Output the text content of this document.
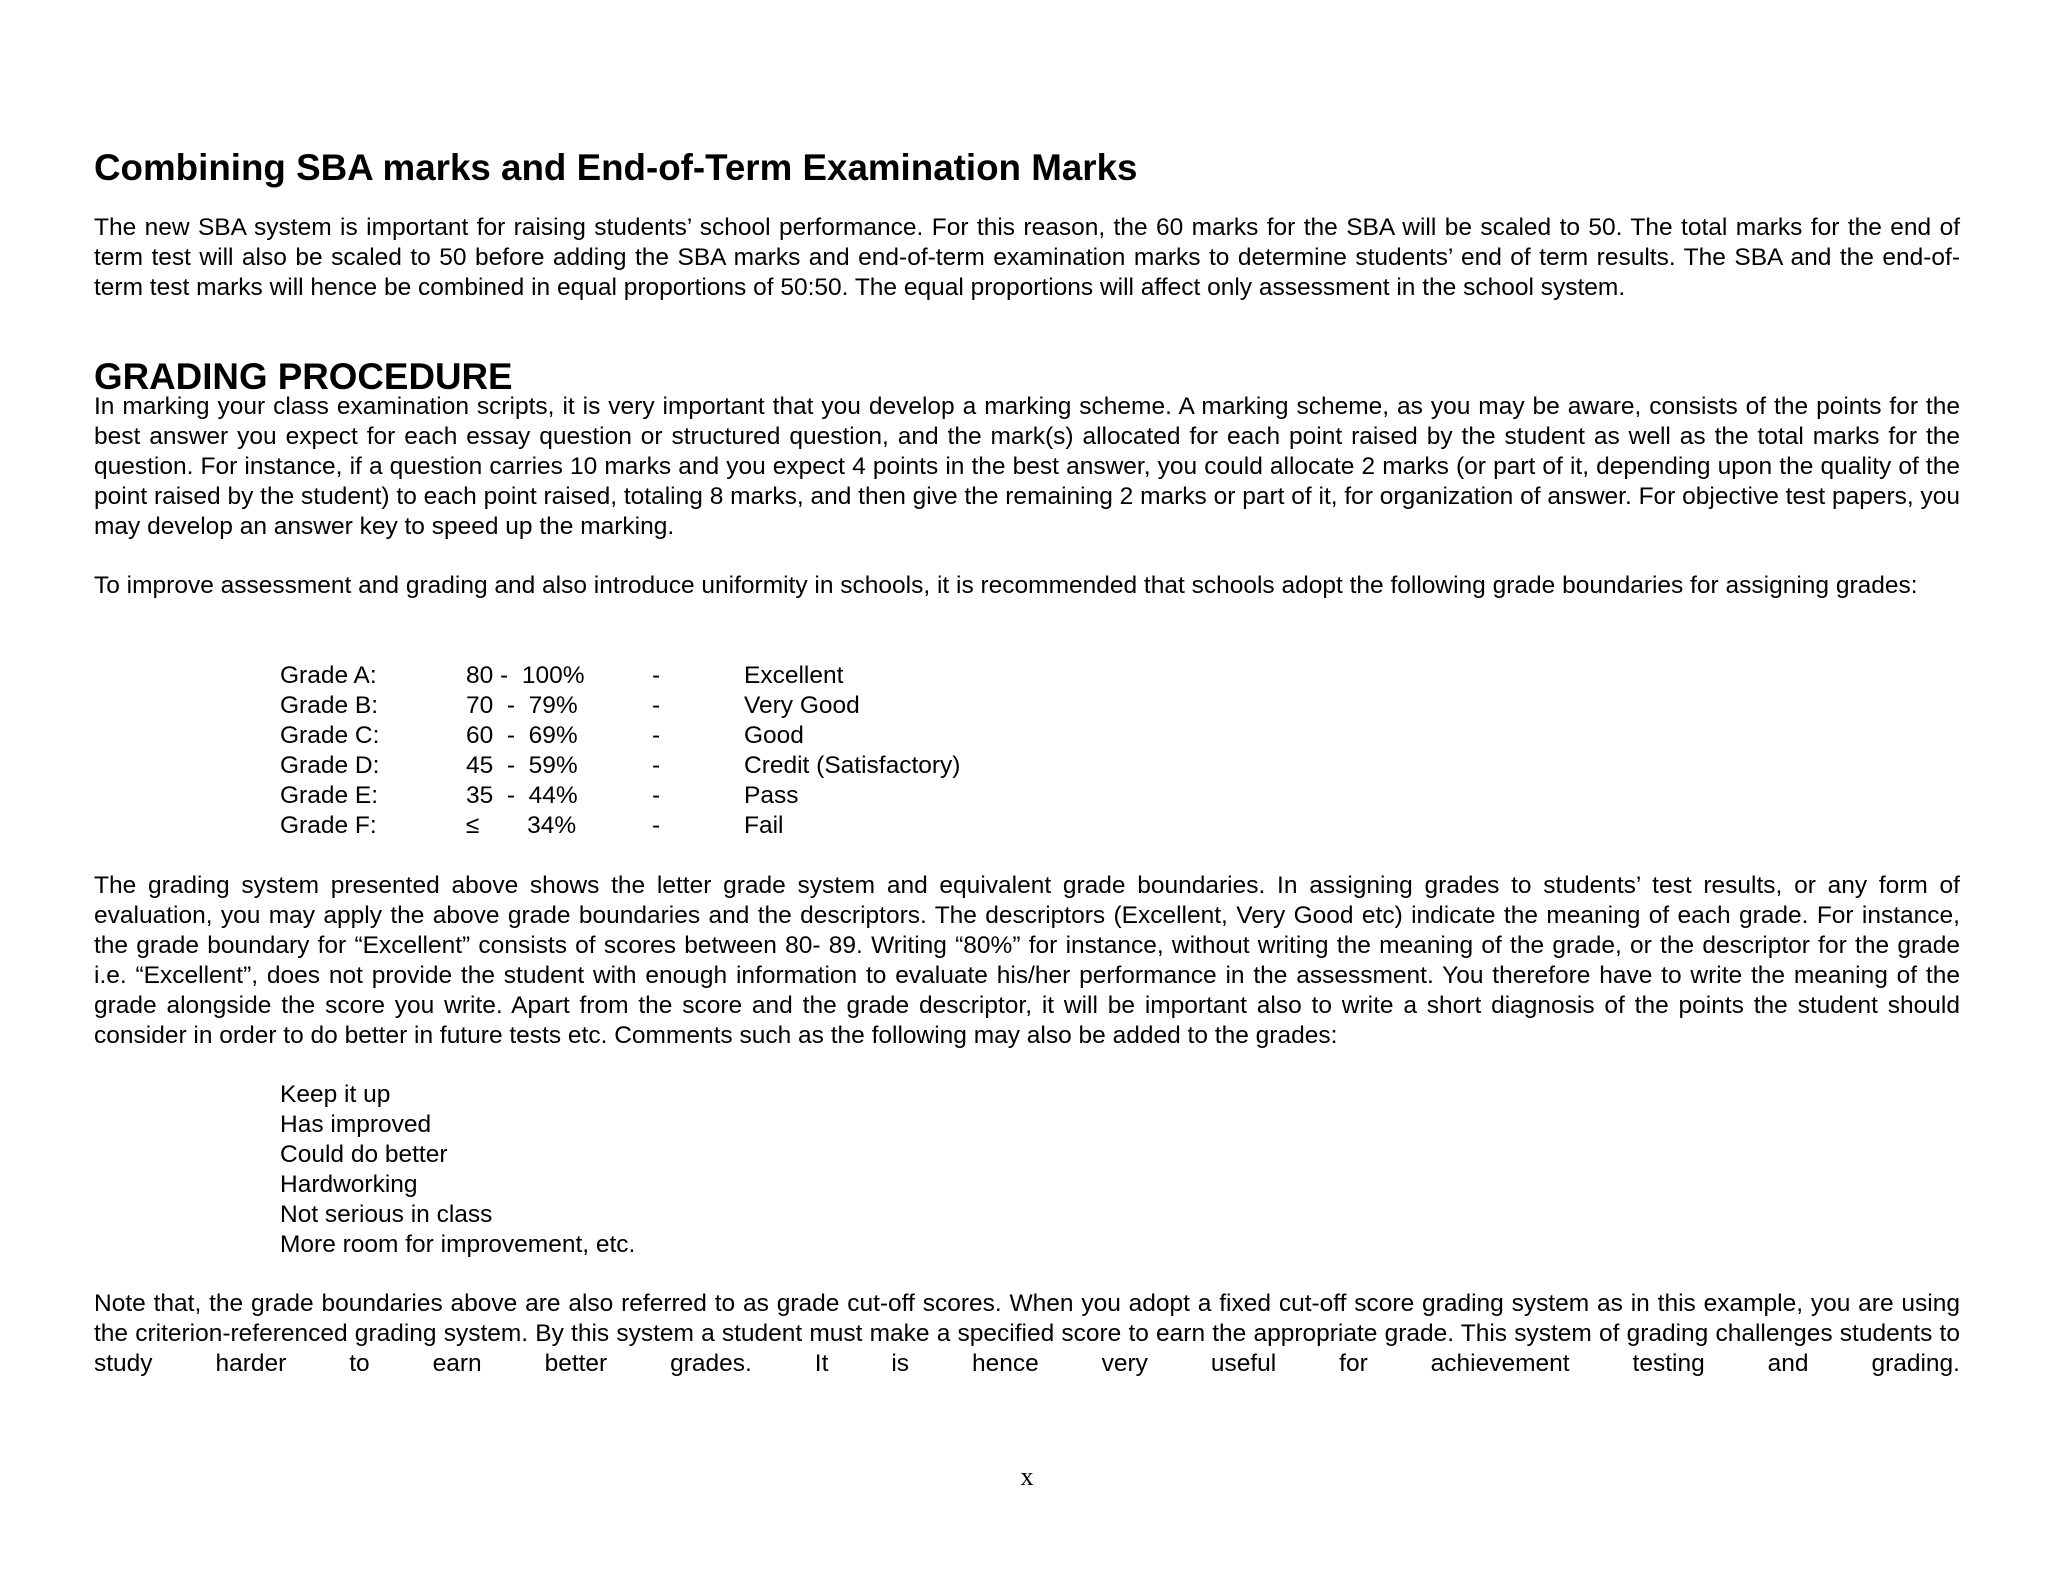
Combining SBA marks and End-of-Term Examination Marks

The new SBA system is important for raising students’ school performance. For this reason, the 60 marks for the SBA will be scaled to 50. The total marks for the end of term test will also be scaled to 50 before adding the SBA marks and end-of-term examination marks to determine students’ end of term results. The SBA and the end-of-term test marks will hence be combined in equal proportions of 50:50. The equal proportions will affect only assessment in the school system.

GRADING PROCEDURE

In marking your class examination scripts, it is very important that you develop a marking scheme. A marking scheme, as you may be aware, consists of the points for the best answer you expect for each essay question or structured question, and the mark(s) allocated for each point raised by the student as well as the total marks for the question. For instance, if a question carries 10 marks and you expect 4 points in the best answer, you could allocate 2 marks (or part of it, depending upon the quality of the point raised by the student) to each point raised, totaling 8 marks, and then give the remaining 2 marks or part of it, for organization of answer. For objective test papers, you may develop an answer key to speed up the marking.

To improve assessment and grading and also introduce uniformity in schools, it is recommended that schools adopt the following grade boundaries for assigning grades:

Grade A:	80 -  100%	-	Excellent
Grade B:	70  -  79%	-	Very Good
Grade C:	60  -  69%	-	Good
Grade D:	45  -  59%	-	Credit (Satisfactory)
Grade E:	35  -  44%	-	Pass
Grade F:	≤       34%	-	Fail

The grading system presented above shows the letter grade system and equivalent grade boundaries. In assigning grades to students’ test results, or any form of evaluation, you may apply the above grade boundaries and the descriptors. The descriptors (Excellent, Very Good etc) indicate the meaning of each grade. For instance, the grade boundary for “Excellent” consists of scores between 80- 89. Writing “80%” for instance, without writing the meaning of the grade, or the descriptor for the grade i.e. “Excellent”, does not provide the student with enough information to evaluate his/her performance in the assessment. You therefore have to write the meaning of the grade alongside the score you write. Apart from the score and the grade descriptor, it will be important also to write a short diagnosis of the points the student should consider in order to do better in future tests etc. Comments such as the following may also be added to the grades:

Keep it up
Has improved
Could do better
Hardworking
Not serious in class
More room for improvement, etc.

Note that, the grade boundaries above are also referred to as grade cut-off scores. When you adopt a fixed cut-off score grading system as in this example, you are using the criterion-referenced grading system. By this system a student must make a specified score to earn the appropriate grade. This system of grading challenges students to study harder to earn better grades. It is hence very useful for achievement testing and grading.

x
